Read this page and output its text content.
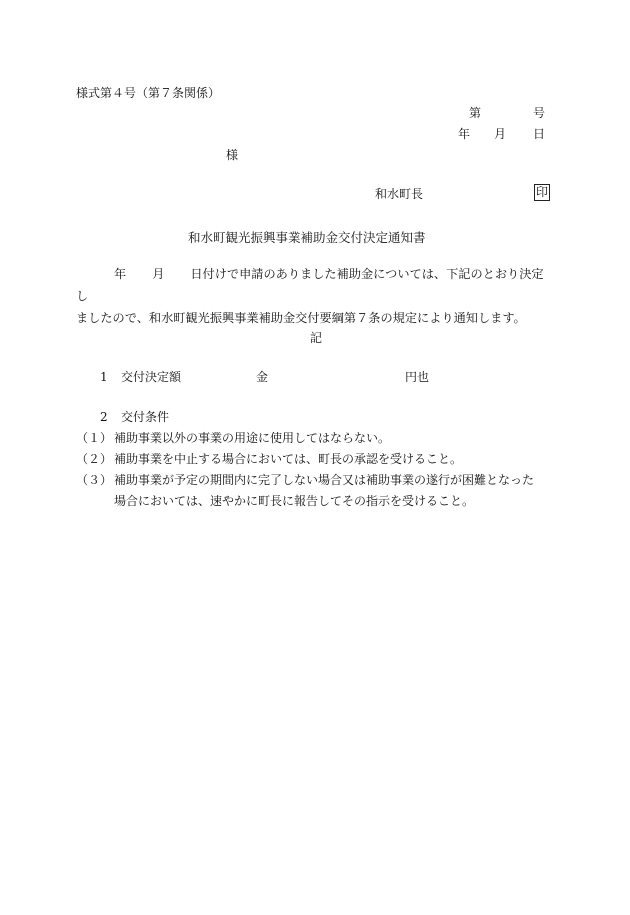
様式第４号（第７条関係）
第	号
年 月 日
様
和水町長	印
和水町観光振興事業補助金交付決定通知書

年 月 日付けで申請のありました補助金については、下記のとおり決定し

ましたので、和水町観光振興事業補助金交付要綱第７条の規定により通知します。

記
1 交付決定額	金	円也
2 交付条件
（１） 補助事業以外の事業の用途に使用してはならない。
（２） 補助事業を中止する場合においては、町長の承認を受けること。
（３） 補助事業が予定の期間内に完了しない場合又は補助事業の遂行が困難となった
場合においては、速やかに町長に報告してその指示を受けること。
